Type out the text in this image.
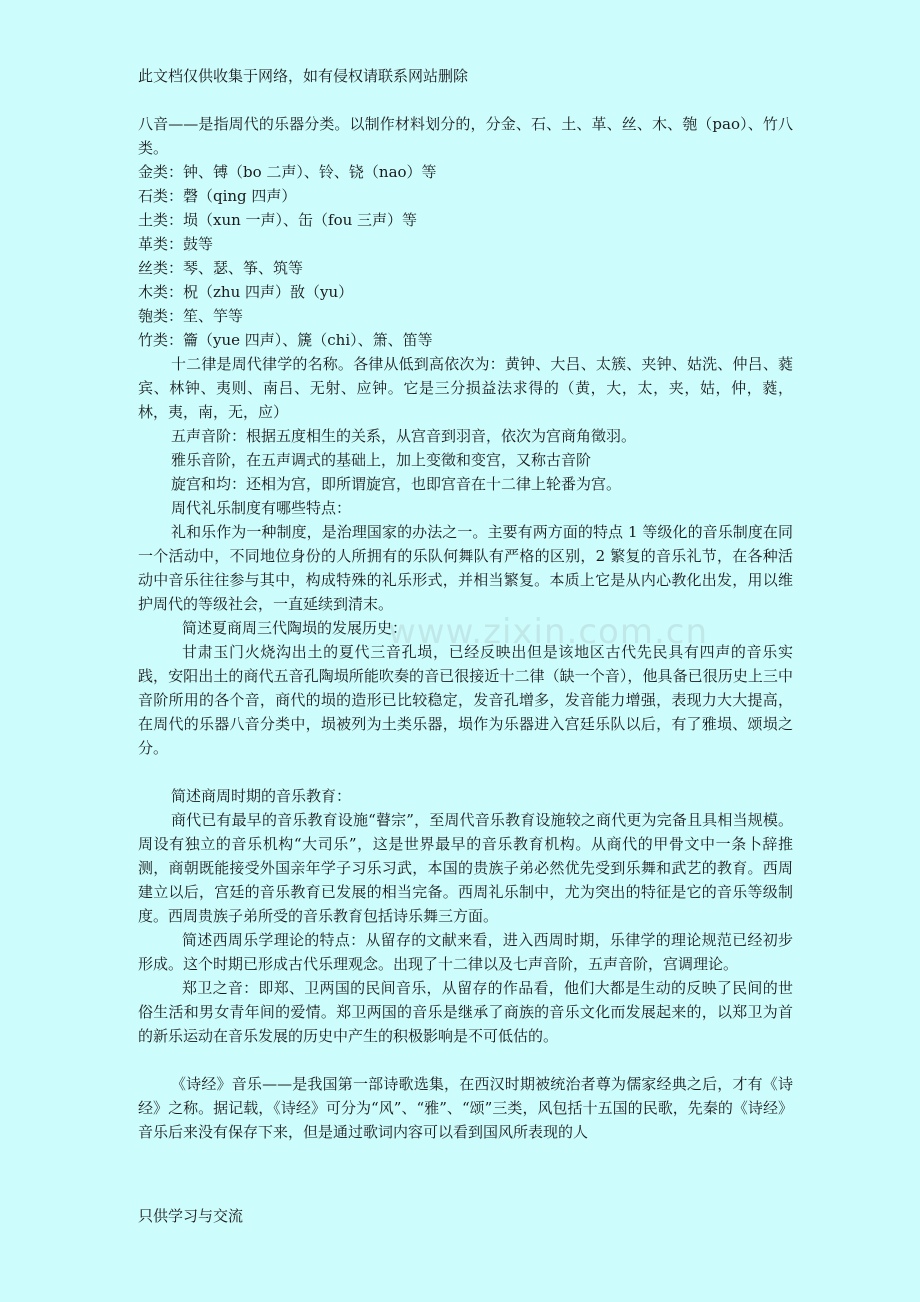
此文档仅供收集于网络，如有侵权请联系网站删除

八音——是指周代的乐器分类。以制作材料划分的，分金、石、土、革、丝、木、匏（pao）、竹八类。

金类：钟、镈（bo 二声）、铃、铙（nao）等

石类：磬（qing 四声）

土类：埙（xun 一声）、缶（fou 三声）等

革类：鼓等

丝类：琴、瑟、筝、筑等

木类：柷（zhu 四声）敔（yu）

匏类：笙、竽等

竹类：籥（yue 四声）、篪（chi）、箫、笛等

十二律是周代律学的名称。各律从低到高依次为：黄钟、大吕、太簇、夹钟、姑洗、仲吕、蕤宾、林钟、夷则、南吕、无射、应钟。它是三分损益法求得的（黄，大，太，夹，姑，仲，蕤，林，夷，南，无，应）

五声音阶：根据五度相生的关系，从宫音到羽音，依次为宫商角徵羽。

雅乐音阶，在五声调式的基础上，加上变徵和变宫，又称古音阶

旋宫和均：还相为宫，即所谓旋宫，也即宫音在十二律上轮番为宫。

周代礼乐制度有哪些特点：

礼和乐作为一种制度，是治理国家的办法之一。主要有两方面的特点 1 等级化的音乐制度在同一个活动中，不同地位身份的人所拥有的乐队何舞队有严格的区别，2 繁复的音乐礼节，在各种活动中音乐往往参与其中，构成特殊的礼乐形式，并相当繁复。本质上它是从内心教化出发，用以维护周代的等级社会，一直延续到清末。

简述夏商周三代陶埙的发展历史：

甘肃玉门火烧沟出土的夏代三音孔埙，已经反映出但是该地区古代先民具有四声的音乐实践，安阳出土的商代五音孔陶埙所能吹奏的音已很接近十二律（缺一个音），他具备已很历史上三中音阶所用的各个音，商代的埙的造形已比较稳定，发音孔增多，发音能力增强，表现力大大提高，在周代的乐器八音分类中，埙被列为土类乐器，埙作为乐器进入宫廷乐队以后，有了雅埙、颂埙之分。

简述商周时期的音乐教育：

商代已有最早的音乐教育设施“瞽宗”，至周代音乐教育设施较之商代更为完备且具相当规模。周设有独立的音乐机构“大司乐”，这是世界最早的音乐教育机构。从商代的甲骨文中一条卜辞推测，商朝既能接受外国亲年学子习乐习武，本国的贵族子弟必然优先受到乐舞和武艺的教育。西周建立以后，宫廷的音乐教育已发展的相当完备。西周礼乐制中，尤为突出的特征是它的音乐等级制度。西周贵族子弟所受的音乐教育包括诗乐舞三方面。

简述西周乐学理论的特点：从留存的文献来看，进入西周时期，乐律学的理论规范已经初步形成。这个时期已形成古代乐理观念。出现了十二律以及七声音阶，五声音阶，宫调理论。

郑卫之音：即郑、卫两国的民间音乐，从留存的作品看，他们大都是生动的反映了民间的世俗生活和男女青年间的爱情。郑卫两国的音乐是继承了商族的音乐文化而发展起来的，以郑卫为首的新乐运动在音乐发展的历史中产生的积极影响是不可低估的。

《诗经》音乐——是我国第一部诗歌选集，在西汉时期被统治者尊为儒家经典之后，才有《诗经》之称。据记载，《诗经》可分为“风”、“雅”、“颂”三类，风包括十五国的民歌，先秦的《诗经》音乐后来没有保存下来，但是通过歌词内容可以看到国风所表现的人

只供学习与交流
www.zixin.com.cn
